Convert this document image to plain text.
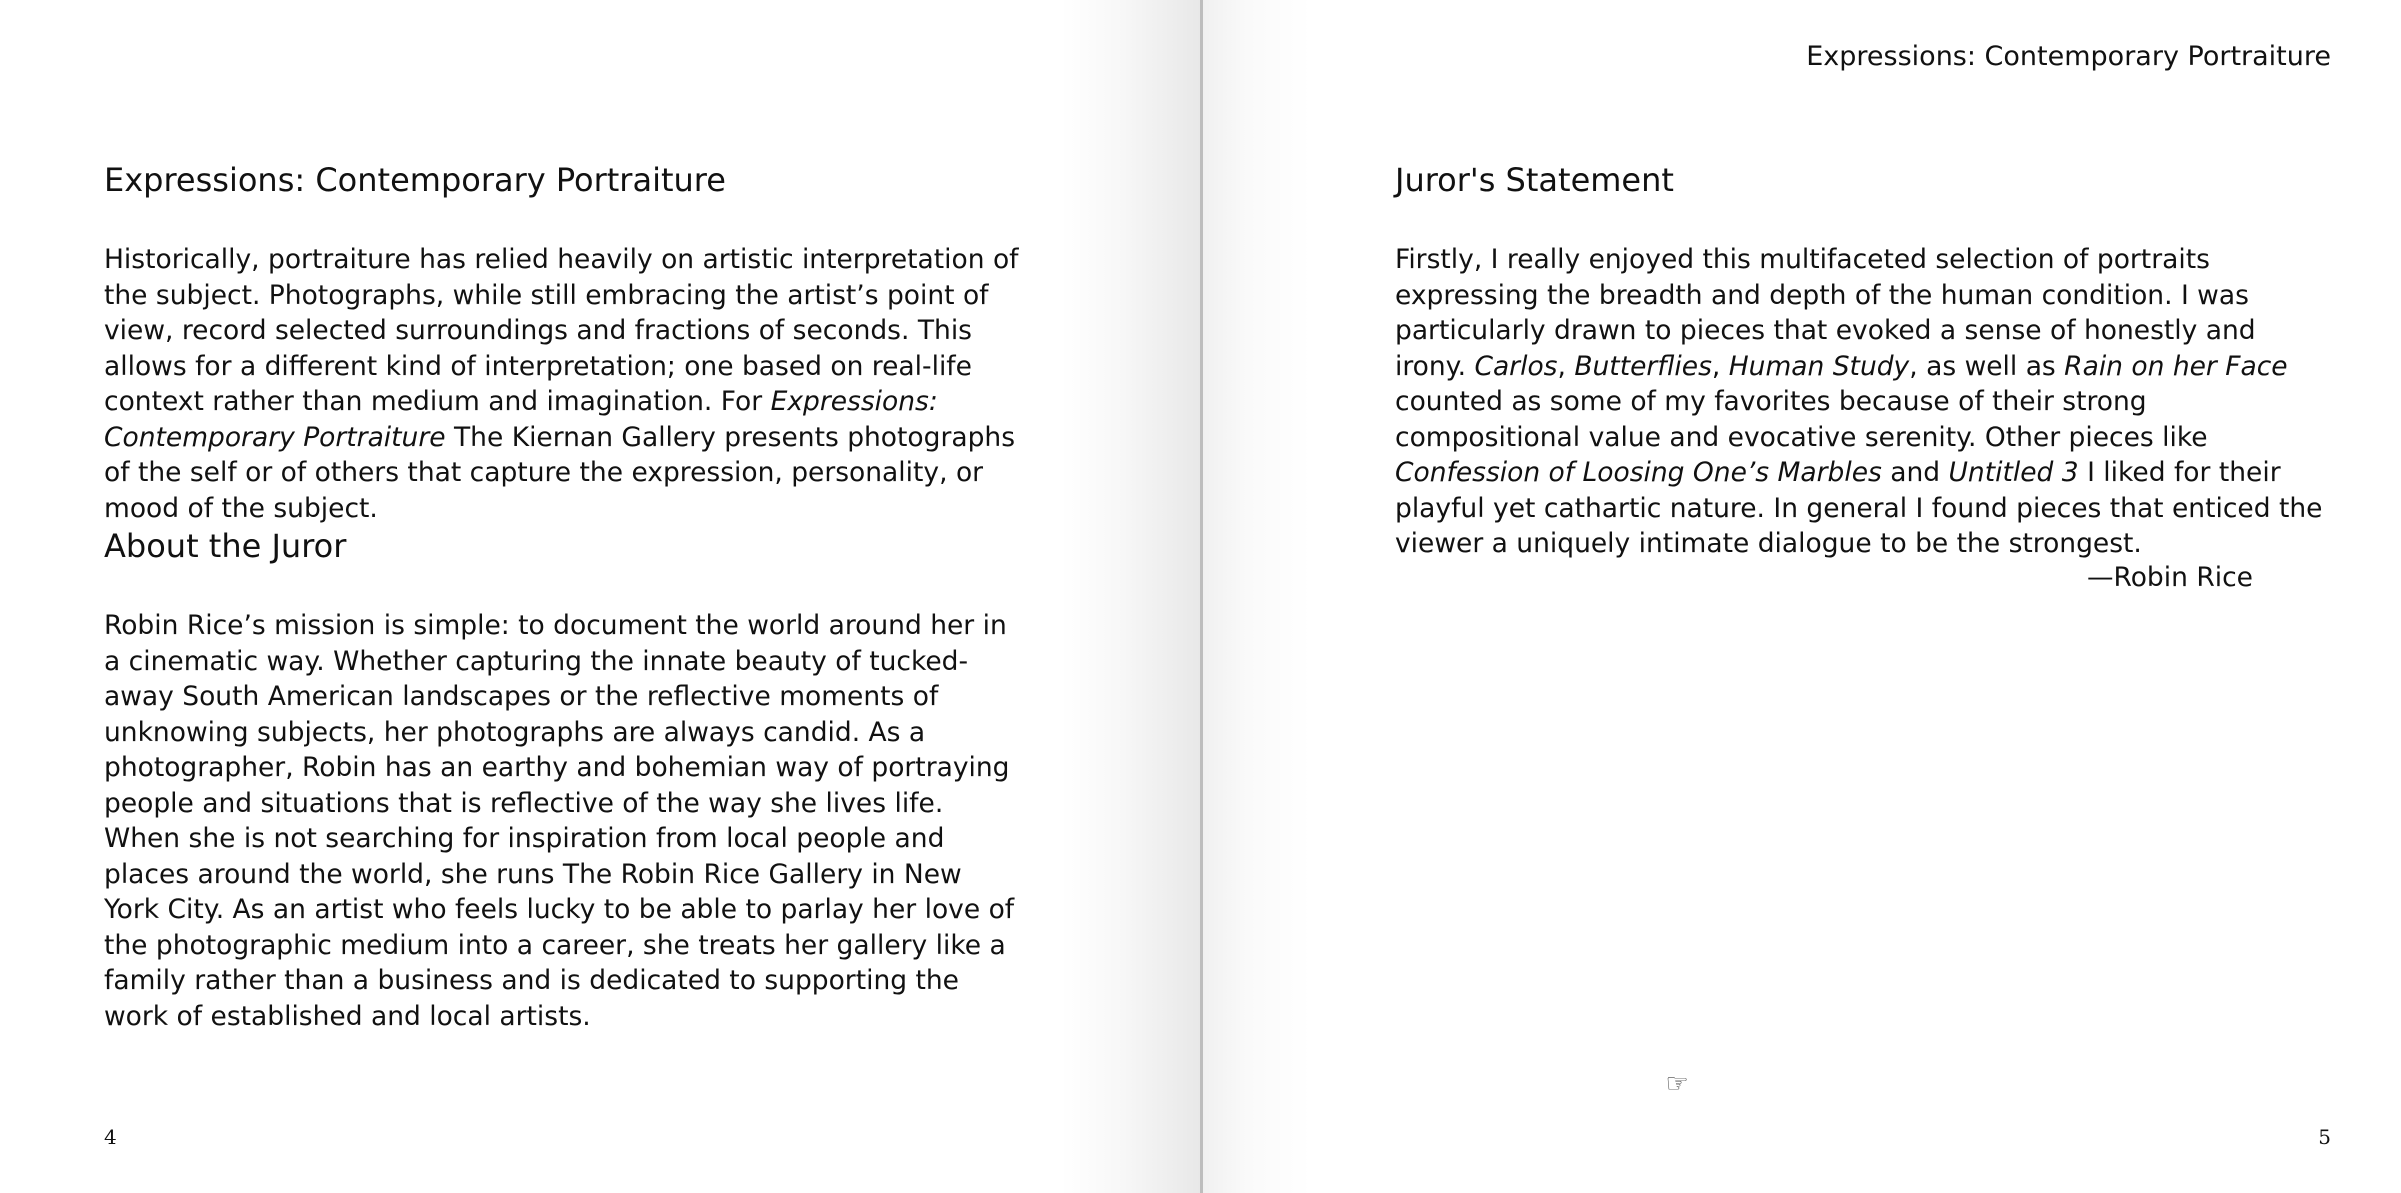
Expressions: Contemporary Portraiture

Historically, portraiture has relied heavily on artistic interpretation of the subject. Photographs, while still embracing the artist’s point of view, record selected surroundings and fractions of seconds. This allows for a different kind of interpretation; one based on real-life context rather than medium and imagination. For Expressions: Contemporary Portraiture The Kiernan Gallery presents photographs of the self or of others that capture the expression, personality, or mood of the subject.

About the Juror

Robin Rice’s mission is simple: to document the world around her in a cinematic way. Whether capturing the innate beauty of tucked-away South American landscapes or the reflective moments of unknowing subjects, her photographs are always candid. As a photographer, Robin has an earthy and bohemian way of portraying people and situations that is reflective of the way she lives life. When she is not searching for inspiration from local people and places around the world, she runs The Robin Rice Gallery in New York City. As an artist who feels lucky to be able to parlay her love of the photographic medium into a career, she treats her gallery like a family rather than a business and is dedicated to supporting the work of established and local artists.

4
Expressions: Contemporary Portraiture
Juror's Statement

Firstly, I really enjoyed this multifaceted selection of portraits expressing the breadth and depth of the human condition. I was particularly drawn to pieces that evoked a sense of honestly and irony. Carlos, Butterflies, Human Study, as well as Rain on her Face counted as some of my favorites because of their strong compositional value and evocative serenity. Other pieces like Confession of Loosing One’s Marbles and Untitled 3 I liked for their playful yet cathartic nature. In general I found pieces that enticed the viewer a uniquely intimate dialogue to be the strongest.

—Robin Rice
☞
5
